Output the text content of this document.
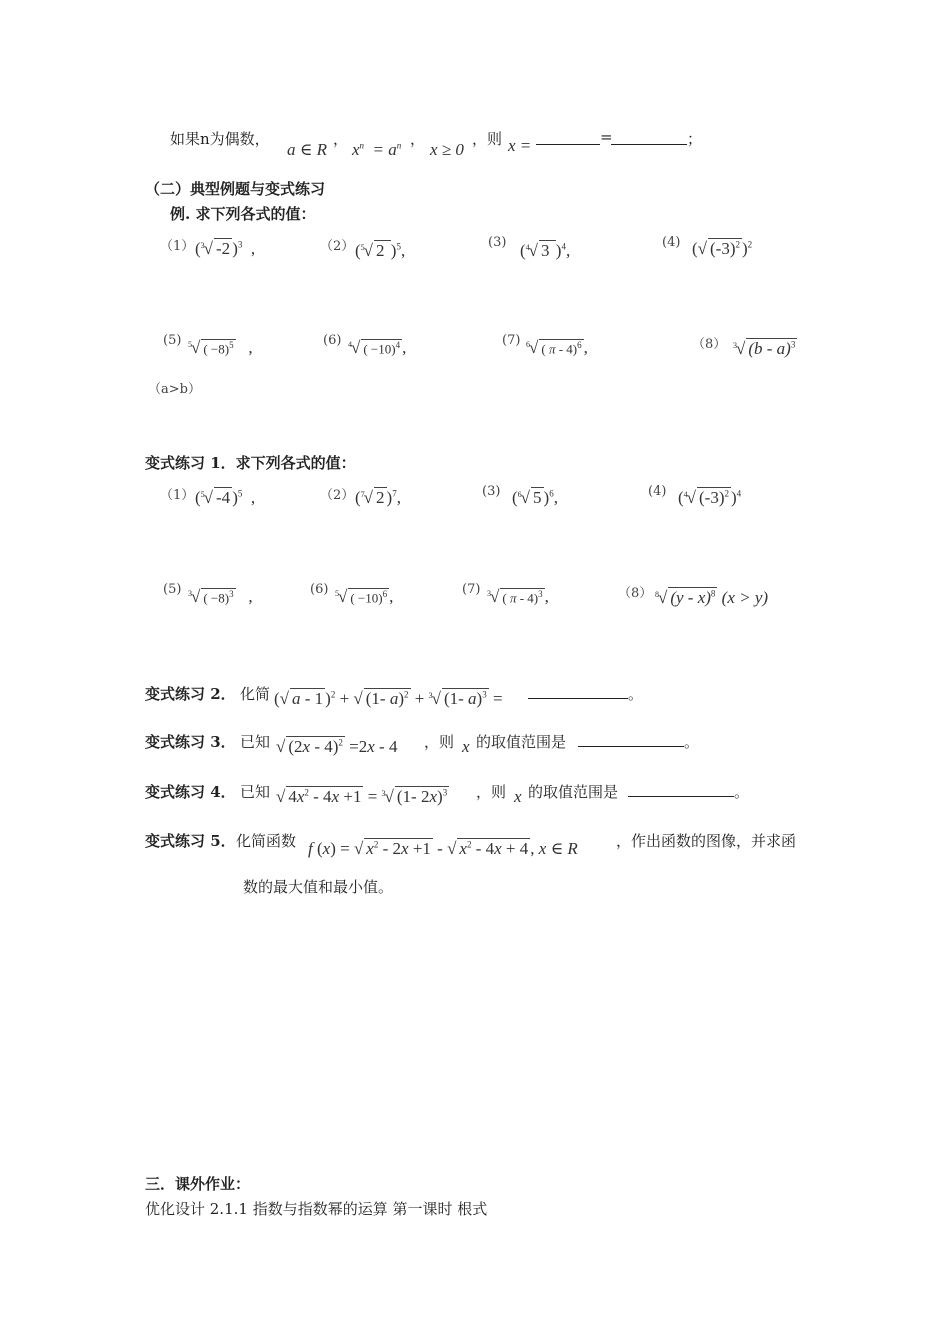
如果n为偶数，
a ∈ R
，
$x^n = a^n$ ，
x ≥ 0
，则 x =	=	；
（二）典型例题与变式练习
例. 求下列各式的值：
（1） ($^3$√ -2 )$^3$  ,	（2） ($^5$√ 2 )$^5$,	(3) ($^4$√ 3 )$^4$,	(4) (√ $(-3)^2$ )$^2$
(5) $^5$√ ( −8)$^5$   ,	(6) $^4$√ ( −10)$^4$ ,	(7) $^6$√ ( π - 4)$^6$ ,	（8） $^3$√ (b - a)$^3$
（a>b）
变式练习 1．求下列各式的值：
（1） ($^5$√ -4 )$^5$  ,	（2） ($^7$√ 2 )$^7$,	(3) ($^6$√ 5 )$^6$,	(4) ($^4$√ $(-3)^2$ )$^4$
(5) $^3$√ ( −8)$^3$   ,	(6) $^5$√ ( −10)$^6$ ,	(7) $^3$√ ( π - 4)$^3$ ,	（8） $^8$√ (y - x)$^8$ (x > y)
变式练习 2． 化简 (√ a - 1 )$^2$ + √ (1- a)$^2$ + $^3$√ (1- a)$^3$ =	。
变式练习 3． 已知 √ (2x - 4)$^2$ =2x - 4 ，则 x 的取值范围是	。
变式练习 4． 已知 √ $4x^2 - 4x +1 = ^3√$ (1- 2x)$^3$ ，则 x 的取值范围是	。
变式练习 5． 化简函数 f (x) = √ $x^2 - 2x +1$ - √ $x^2 - 4x + 4$ , x ∈ R	，作出函数的图像，并求函
数的最大值和最小值。
三．课外作业：
优化设计 2.1.1 指数与指数幂的运算 第一课时 根式
